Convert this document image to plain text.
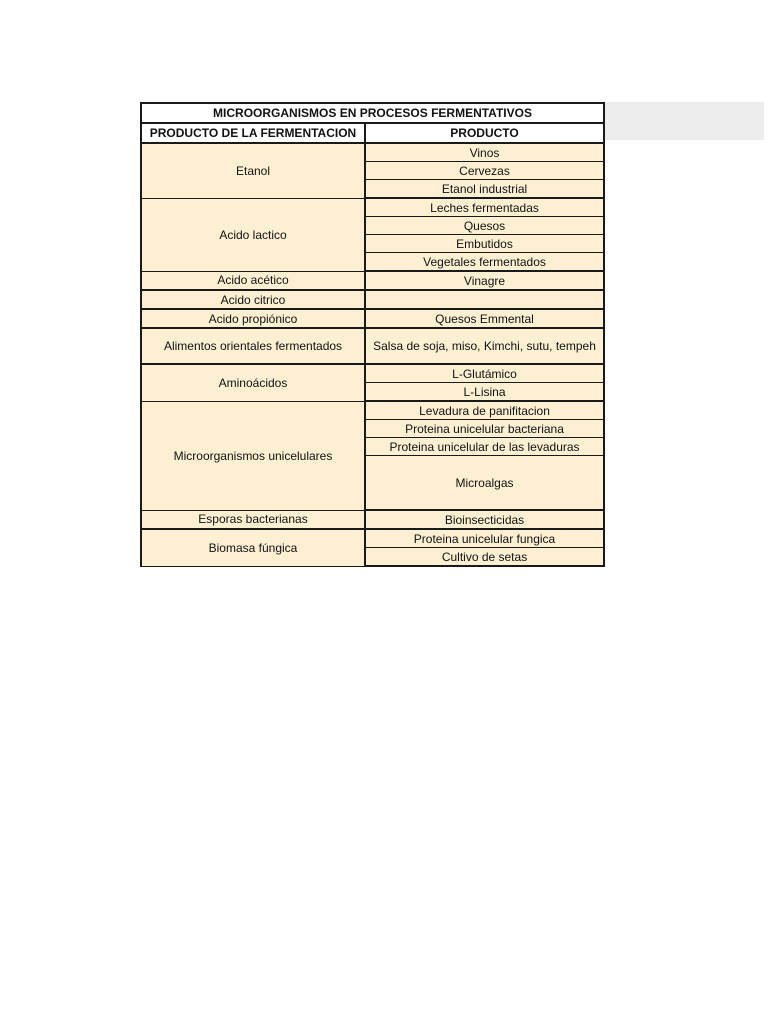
MICROORGANISMOS EN PROCESOS FERMENTATIVOS	
PRODUCTO DE LA FERMENTACION	PRODUCTO
Etanol	Vinos
	Cervezas
	Etanol industrial
Acido lactico	Leches fermentadas
	Quesos
	Embutidos
	Vegetales fermentados
Acido acético	Vinagre
Acido citrico	
Acido propiónico	Quesos Emmental
Alimentos orientales fermentados	Salsa de soja, miso, Kimchi, sutu, tempeh
Aminoácidos	L-Glutámico
	L-Lisina
Microorganismos unicelulares	Levadura de panifitacion
	Proteina unicelular bacteriana
	Proteina unicelular de las levaduras
	Microalgas
Esporas bacterianas	Bioinsecticidas
Biomasa fúngica	Proteina unicelular fungica
	Cultivo de setas
